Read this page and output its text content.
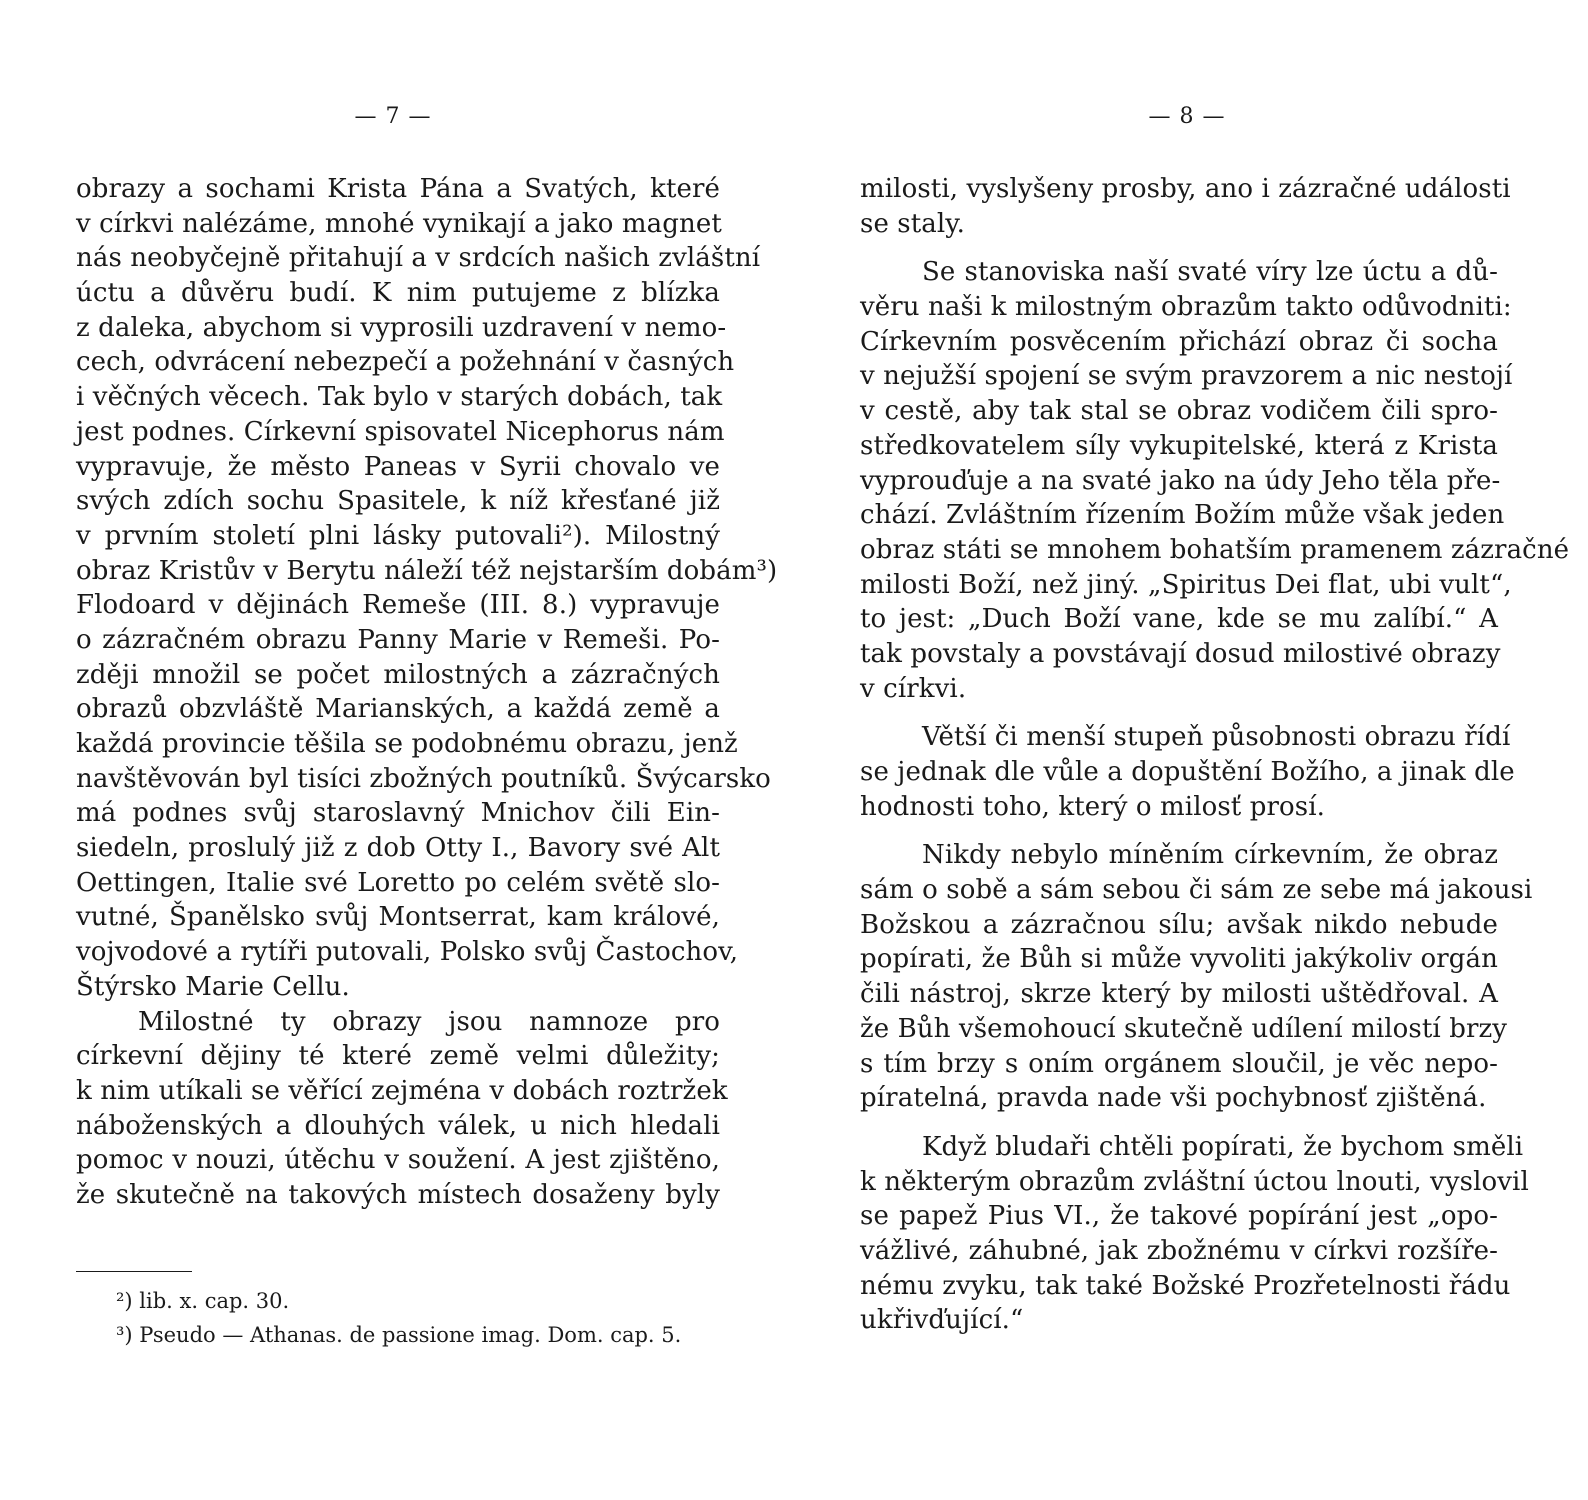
— 7 —
obrazy a sochami Krista Pána a Svatých, které
v církvi nalézáme, mnohé vynikají a jako magnet
nás neobyčejně přitahují a v srdcích našich zvláštní
úctu a důvěru budí. K nim putujeme z blízka
z daleka, abychom si vyprosili uzdravení v nemo-
cech, odvrácení nebezpečí a požehnání v časných
i věčných věcech. Tak bylo v starých dobách, tak
jest podnes. Církevní spisovatel Nicephorus nám
vypravuje, že město Paneas v Syrii chovalo ve
svých zdích sochu Spasitele, k níž křesťané již
v prvním století plni lásky putovali²). Milostný
obraz Kristův v Berytu náleží též nejstarším dobám³)
Flodoard v dějinách Remeše (III. 8.) vypravuje
o zázračném obrazu Panny Marie v Remeši. Po-
zději množil se počet milostných a zázračných
obrazů obzvláště Marianských, a každá země a
každá provincie těšila se podobnému obrazu, jenž
navštěvován byl tisíci zbožných poutníků. Švýcarsko
má podnes svůj staroslavný Mnichov čili Ein-
siedeln, proslulý již z dob Otty I., Bavory své Alt
Oettingen, Italie své Loretto po celém světě slo-
vutné, Španělsko svůj Montserrat, kam králové,
vojvodové a rytíři putovali, Polsko svůj Častochov,
Štýrsko Marie Cellu.
Milostné ty obrazy jsou namnoze pro
církevní dějiny té které země velmi důležity;
k nim utíkali se věřící zejména v dobách roztržek
náboženských a dlouhých válek, u nich hledali
pomoc v nouzi, útěchu v soužení. A jest zjištěno,
že skutečně na takových místech dosaženy byly
²) lib. x. cap. 30.
³) Pseudo — Athanas. de passione imag. Dom. cap. 5.
— 8 —
milosti, vyslyšeny prosby, ano i zázračné události
se staly.
Se stanoviska naší svaté víry lze úctu a dů-
věru naši k milostným obrazům takto odůvodniti:
Církevním posvěcením přichází obraz či socha
v nejužší spojení se svým pravzorem a nic nestojí
v cestě, aby tak stal se obraz vodičem čili spro-
středkovatelem síly vykupitelské, která z Krista
vyprouďuje a na svaté jako na údy Jeho těla pře-
chází. Zvláštním řízením Božím může však jeden
obraz státi se mnohem bohatším pramenem zázračné
milosti Boží, než jiný. „Spiritus Dei flat, ubi vult“,
to jest: „Duch Boží vane, kde se mu zalíbí.“ A
tak povstaly a povstávají dosud milostivé obrazy
v církvi.
Větší či menší stupeň působnosti obrazu řídí
se jednak dle vůle a dopuštění Božího, a jinak dle
hodnosti toho, který o milosť prosí.
Nikdy nebylo míněním církevním, že obraz
sám o sobě a sám sebou či sám ze sebe má jakousi
Božskou a zázračnou sílu; avšak nikdo nebude
popírati, že Bůh si může vyvoliti jakýkoliv orgán
čili nástroj, skrze který by milosti uštědřoval. A
že Bůh všemohoucí skutečně udílení milostí brzy
s tím brzy s oním orgánem sloučil, je věc nepo-
píratelná, pravda nade vši pochybnosť zjištěná.
Když bludaři chtěli popírati, že bychom směli
k některým obrazům zvláštní úctou lnouti, vyslovil
se papež Pius VI., že takové popírání jest „opo-
vážlivé, záhubné, jak zbožnému v církvi rozšíře-
nému zvyku, tak také Božské Prozřetelnosti řádu
ukřivďující.“
